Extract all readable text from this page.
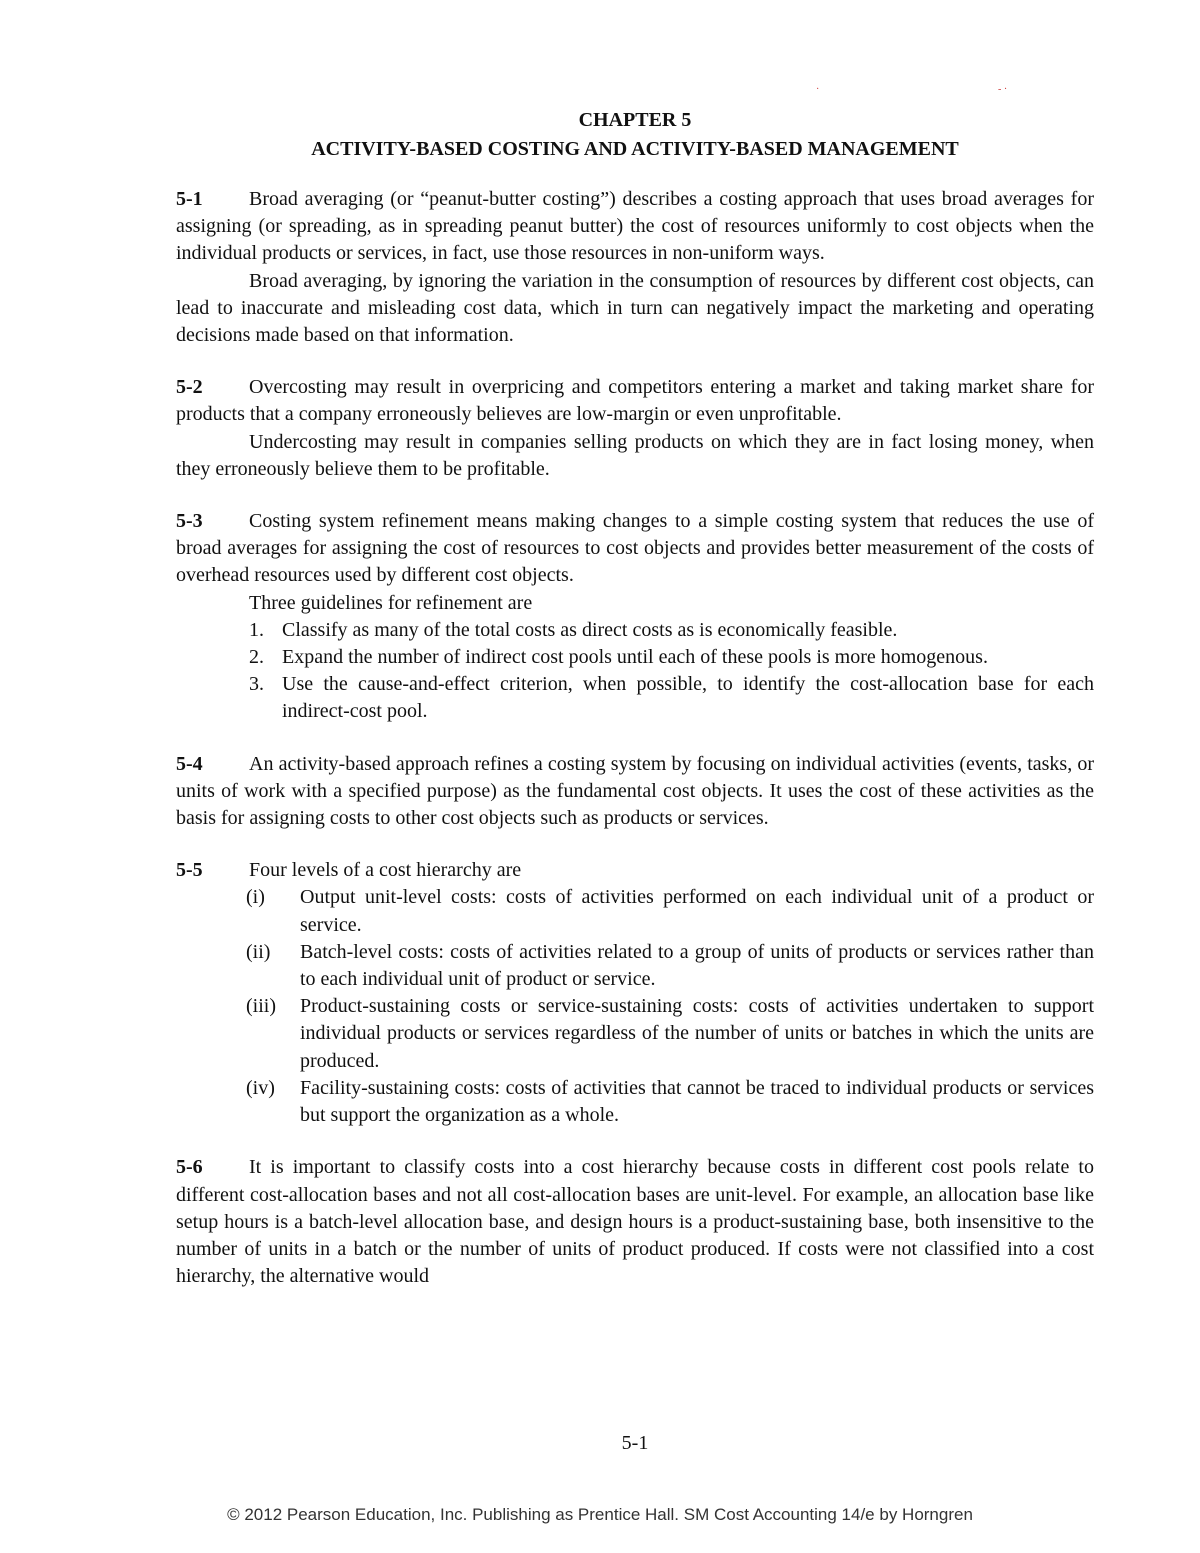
·	- ·
CHAPTER 5
ACTIVITY-BASED COSTING AND ACTIVITY-BASED MANAGEMENT

5-1 Broad averaging (or “peanut-butter costing”) describes a costing approach that uses broad averages for assigning (or spreading, as in spreading peanut butter) the cost of resources uniformly to cost objects when the individual products or services, in fact, use those resources in non-uniform ways.

Broad averaging, by ignoring the variation in the consumption of resources by different cost objects, can lead to inaccurate and misleading cost data, which in turn can negatively impact the marketing and operating decisions made based on that information.

5-2 Overcosting may result in overpricing and competitors entering a market and taking market share for products that a company erroneously believes are low-margin or even unprofitable.

Undercosting may result in companies selling products on which they are in fact losing money, when they erroneously believe them to be profitable.

5-3 Costing system refinement means making changes to a simple costing system that reduces the use of broad averages for assigning the cost of resources to cost objects and provides better measurement of the costs of overhead resources used by different cost objects.

Three guidelines for refinement are

1. Classify as many of the total costs as direct costs as is economically feasible.
2. Expand the number of indirect cost pools until each of these pools is more homogenous.
3. Use the cause-and-effect criterion, when possible, to identify the cost-allocation base for each indirect-cost pool.

5-4 An activity-based approach refines a costing system by focusing on individual activities (events, tasks, or units of work with a specified purpose) as the fundamental cost objects. It uses the cost of these activities as the basis for assigning costs to other cost objects such as products or services.

5-5 Four levels of a cost hierarchy are

(i) Output unit-level costs: costs of activities performed on each individual unit of a product or service.
(ii) Batch-level costs: costs of activities related to a group of units of products or services rather than to each individual unit of product or service.
(iii) Product-sustaining costs or service-sustaining costs: costs of activities undertaken to support individual products or services regardless of the number of units or batches in which the units are produced.
(iv) Facility-sustaining costs: costs of activities that cannot be traced to individual products or services but support the organization as a whole.

5-6 It is important to classify costs into a cost hierarchy because costs in different cost pools relate to different cost-allocation bases and not all cost-allocation bases are unit-level. For example, an allocation base like setup hours is a batch-level allocation base, and design hours is a product-sustaining base, both insensitive to the number of units in a batch or the number of units of product produced. If costs were not classified into a cost hierarchy, the alternative would

5-1
© 2012 Pearson Education, Inc. Publishing as Prentice Hall. SM Cost Accounting 14/e by Horngren
